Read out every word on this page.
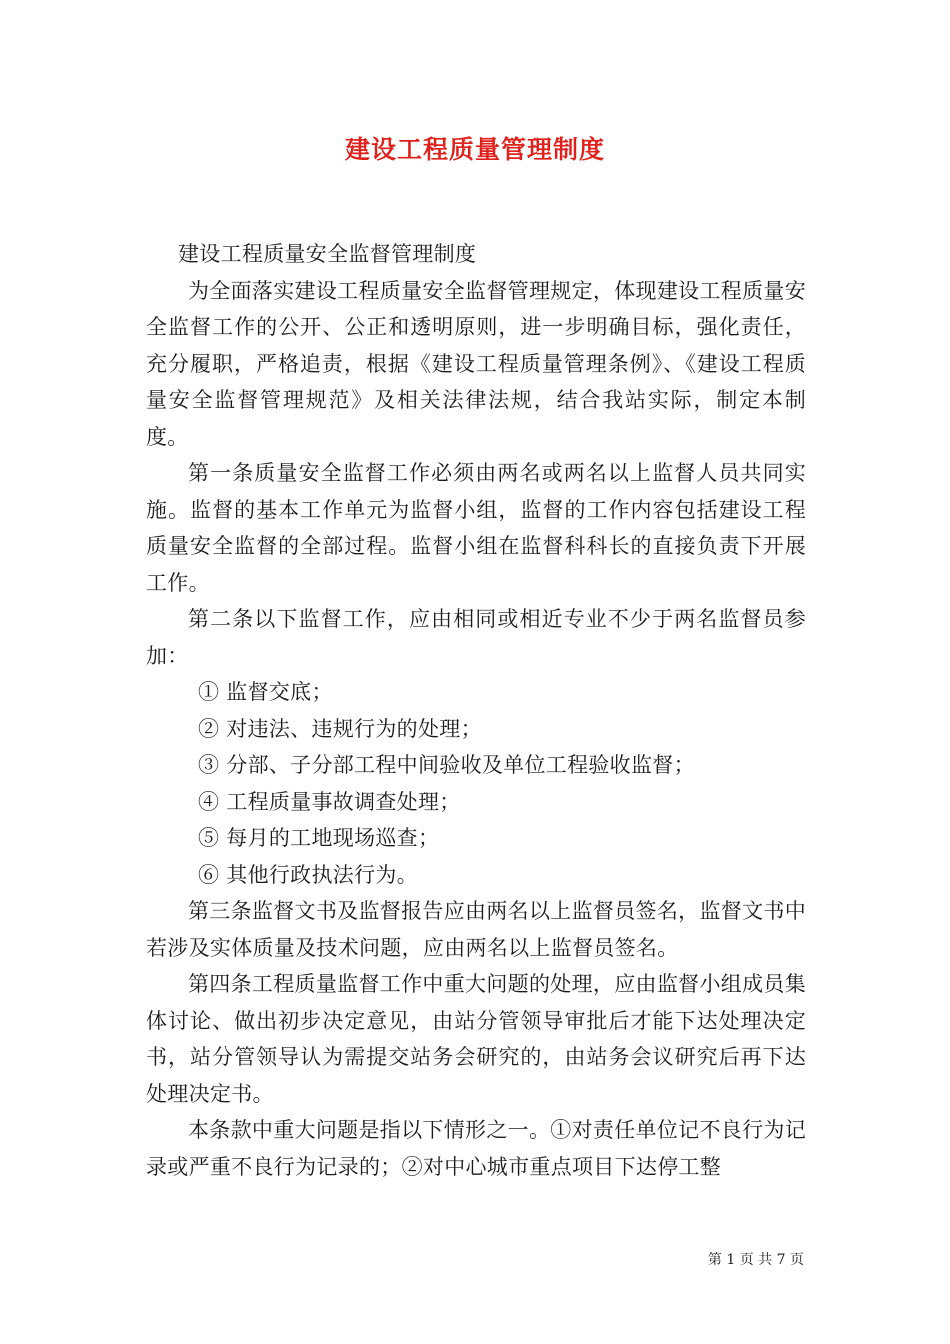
建设工程质量管理制度

建设工程质量安全监督管理制度

为全面落实建设工程质量安全监督管理规定，体现建设工程质量安全监督工作的公开、公正和透明原则，进一步明确目标，强化责任，充分履职，严格追责，根据《建设工程质量管理条例》、《建设工程质量安全监督管理规范》及相关法律法规，结合我站实际，制定本制度。

第一条质量安全监督工作必须由两名或两名以上监督人员共同实施。监督的基本工作单元为监督小组，监督的工作内容包括建设工程质量安全监督的全部过程。监督小组在监督科科长的直接负责下开展工作。

第二条以下监督工作，应由相同或相近专业不少于两名监督员参加：

① 监督交底；

② 对违法、违规行为的处理；

③ 分部、子分部工程中间验收及单位工程验收监督；

④ 工程质量事故调查处理；

⑤ 每月的工地现场巡查；

⑥ 其他行政执法行为。

第三条监督文书及监督报告应由两名以上监督员签名，监督文书中若涉及实体质量及技术问题，应由两名以上监督员签名。

第四条工程质量监督工作中重大问题的处理，应由监督小组成员集体讨论、做出初步决定意见，由站分管领导审批后才能下达处理决定书，站分管领导认为需提交站务会研究的，由站务会议研究后再下达处理决定书。

本条款中重大问题是指以下情形之一。①对责任单位记不良行为记录或严重不良行为记录的；②对中心城市重点项目下达停工整

第 1 页 共 7 页
